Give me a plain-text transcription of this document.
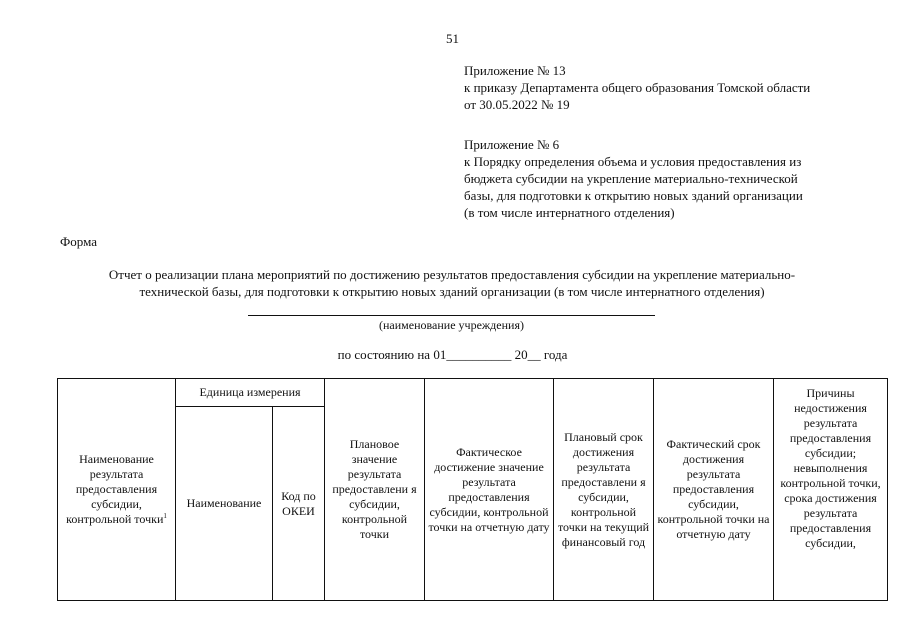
51
Приложение № 13
к приказу Департамента общего образования Томской области
от 30.05.2022 № 19
Приложение № 6
к Порядку определения объема и условия предоставления из
бюджета субсидии на укрепление материально-технической
базы, для подготовки к открытию новых зданий организации
(в том числе интернатного отделения)
Форма
Отчет о реализации плана мероприятий по достижению результатов предоставления субсидии на укрепление материально-
технической базы, для подготовки к открытию новых зданий организации (в том числе интернатного отделения)
(наименование учреждения)
по состоянию на 01__________ 20__ года
Наименование результата предоставления субсидии, контрольной точки$^1$	Единица измерения		Плановое значение результата предоставлени я субсидии, контрольной точки	Фактическое достижение значение результата предоставления субсидии, контрольной точки на отчетную дату	Плановый срок достижения результата предоставлени я субсидии, контрольной точки на текущий финансовый год	Фактический срок достижения результата предоставления субсидии, контрольной точки на отчетную дату	Причины недостижения результата предоставления субсидии; невыполнения контрольной точки, срока достижения результата предоставления субсидии,
	Наименование	Код по ОКЕИ					
